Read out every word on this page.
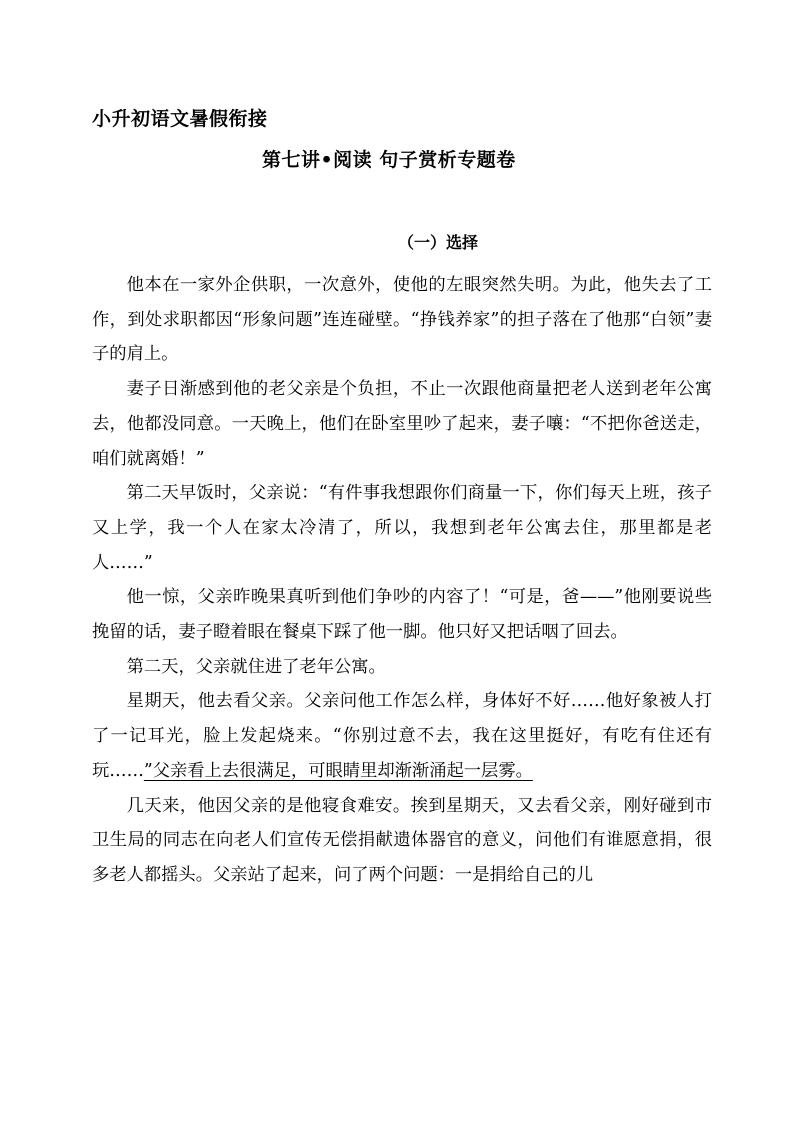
小升初语文暑假衔接
第七讲•阅读 句子赏析专题卷
（一）选择

他本在一家外企供职，一次意外，使他的左眼突然失明。为此，他失去了工作，到处求职都因“形象问题”连连碰壁。“挣钱养家”的担子落在了他那“白领”妻子的肩上。

妻子日渐感到他的老父亲是个负担，不止一次跟他商量把老人送到老年公寓去，他都没同意。一天晚上，他们在卧室里吵了起来，妻子嚷：“不把你爸送走，咱们就离婚！”

第二天早饭时，父亲说：“有件事我想跟你们商量一下，你们每天上班，孩子又上学，我一个人在家太冷清了，所以，我想到老年公寓去住，那里都是老人……”

他一惊，父亲昨晚果真听到他们争吵的内容了！“可是，爸——”他刚要说些挽留的话，妻子瞪着眼在餐桌下踩了他一脚。他只好又把话咽了回去。

第二天，父亲就住进了老年公寓。

星期天，他去看父亲。父亲问他工作怎么样，身体好不好……他好象被人打了一记耳光，脸上发起烧来。“你别过意不去，我在这里挺好，有吃有住还有玩……”父亲看上去很满足，可眼睛里却渐渐涌起一层雾。

几天来，他因父亲的是他寝食难安。挨到星期天，又去看父亲，刚好碰到市卫生局的同志在向老人们宣传无偿捐献遗体器官的意义，问他们有谁愿意捐，很多老人都摇头。父亲站了起来，问了两个问题：一是捐给自己的儿
